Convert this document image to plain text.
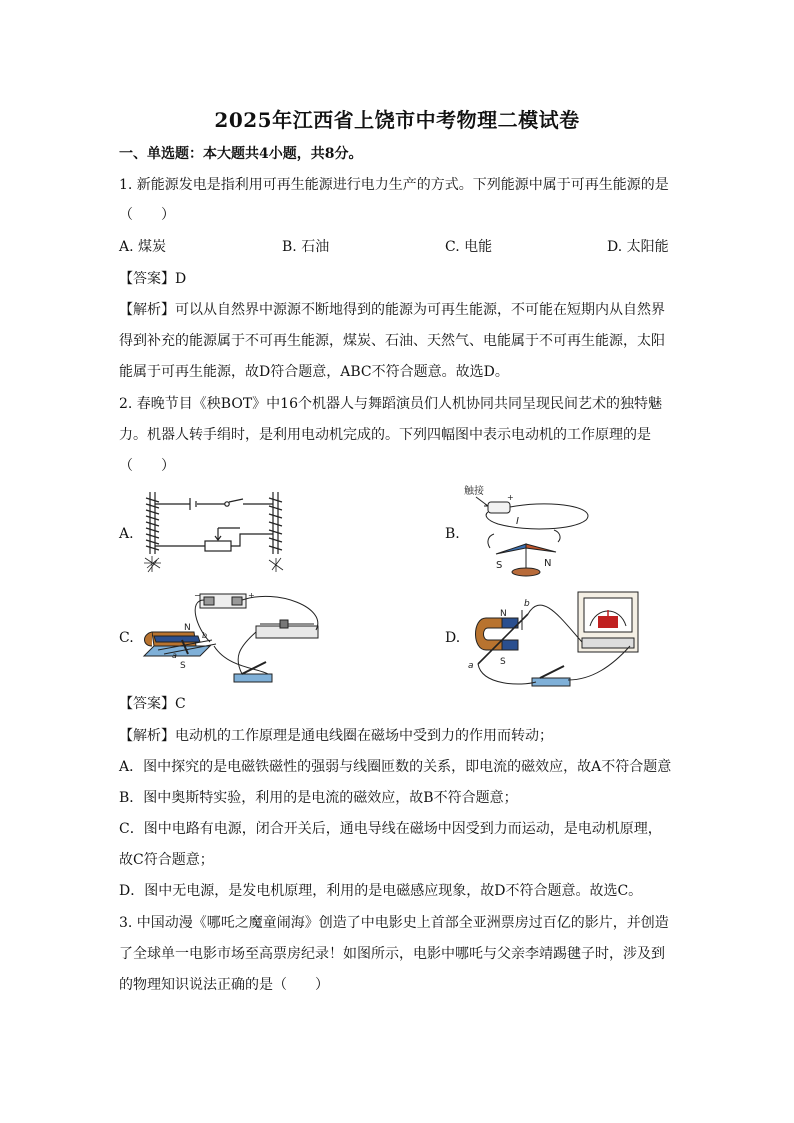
2025年江西省上饶市中考物理二模试卷
一、单选题：本大题共4小题，共8分。
1. 新能源发电是指利用可再生能源进行电力生产的方式。下列能源中属于可再生能源的是
（　　）
A. 煤炭	B. 石油	C. 电能	D. 太阳能
【答案】D
【解析】可以从自然界中源源不断地得到的能源为可再生能源，不可能在短期内从自然界
得到补充的能源属于不可再生能源，煤炭、石油、天然气、电能属于不可再生能源，太阳
能属于可再生能源，故D符合题意，ABC不符合题意。故选D。
2. 春晚节目《秧BOT》中16个机器人与舞蹈演员们人机协同共同呈现民间艺术的独特魅
力。机器人转手绢时，是利用电动机完成的。下列四幅图中表示电动机的工作原理的是
（　　）
A.	B.
触接
+
I
S	N
C.
−	+
N
S
a
b	D.
N
S
a
b
【答案】C
【解析】电动机的工作原理是通电线圈在磁场中受到力的作用而转动；
A．图中探究的是电磁铁磁性的强弱与线圈匝数的关系，即电流的磁效应，故A不符合题意
B．图中奥斯特实验，利用的是电流的磁效应，故B不符合题意；
C．图中电路有电源，闭合开关后，通电导线在磁场中因受到力而运动，是电动机原理，
故C符合题意；
D．图中无电源，是发电机原理，利用的是电磁感应现象，故D不符合题意。故选C。
3. 中国动漫《哪吒之魔童闹海》创造了中电影史上首部全亚洲票房过百亿的影片，并创造
了全球单一电影市场至高票房纪录！如图所示，电影中哪吒与父亲李靖踢毽子时，涉及到
的物理知识说法正确的是（　　）
